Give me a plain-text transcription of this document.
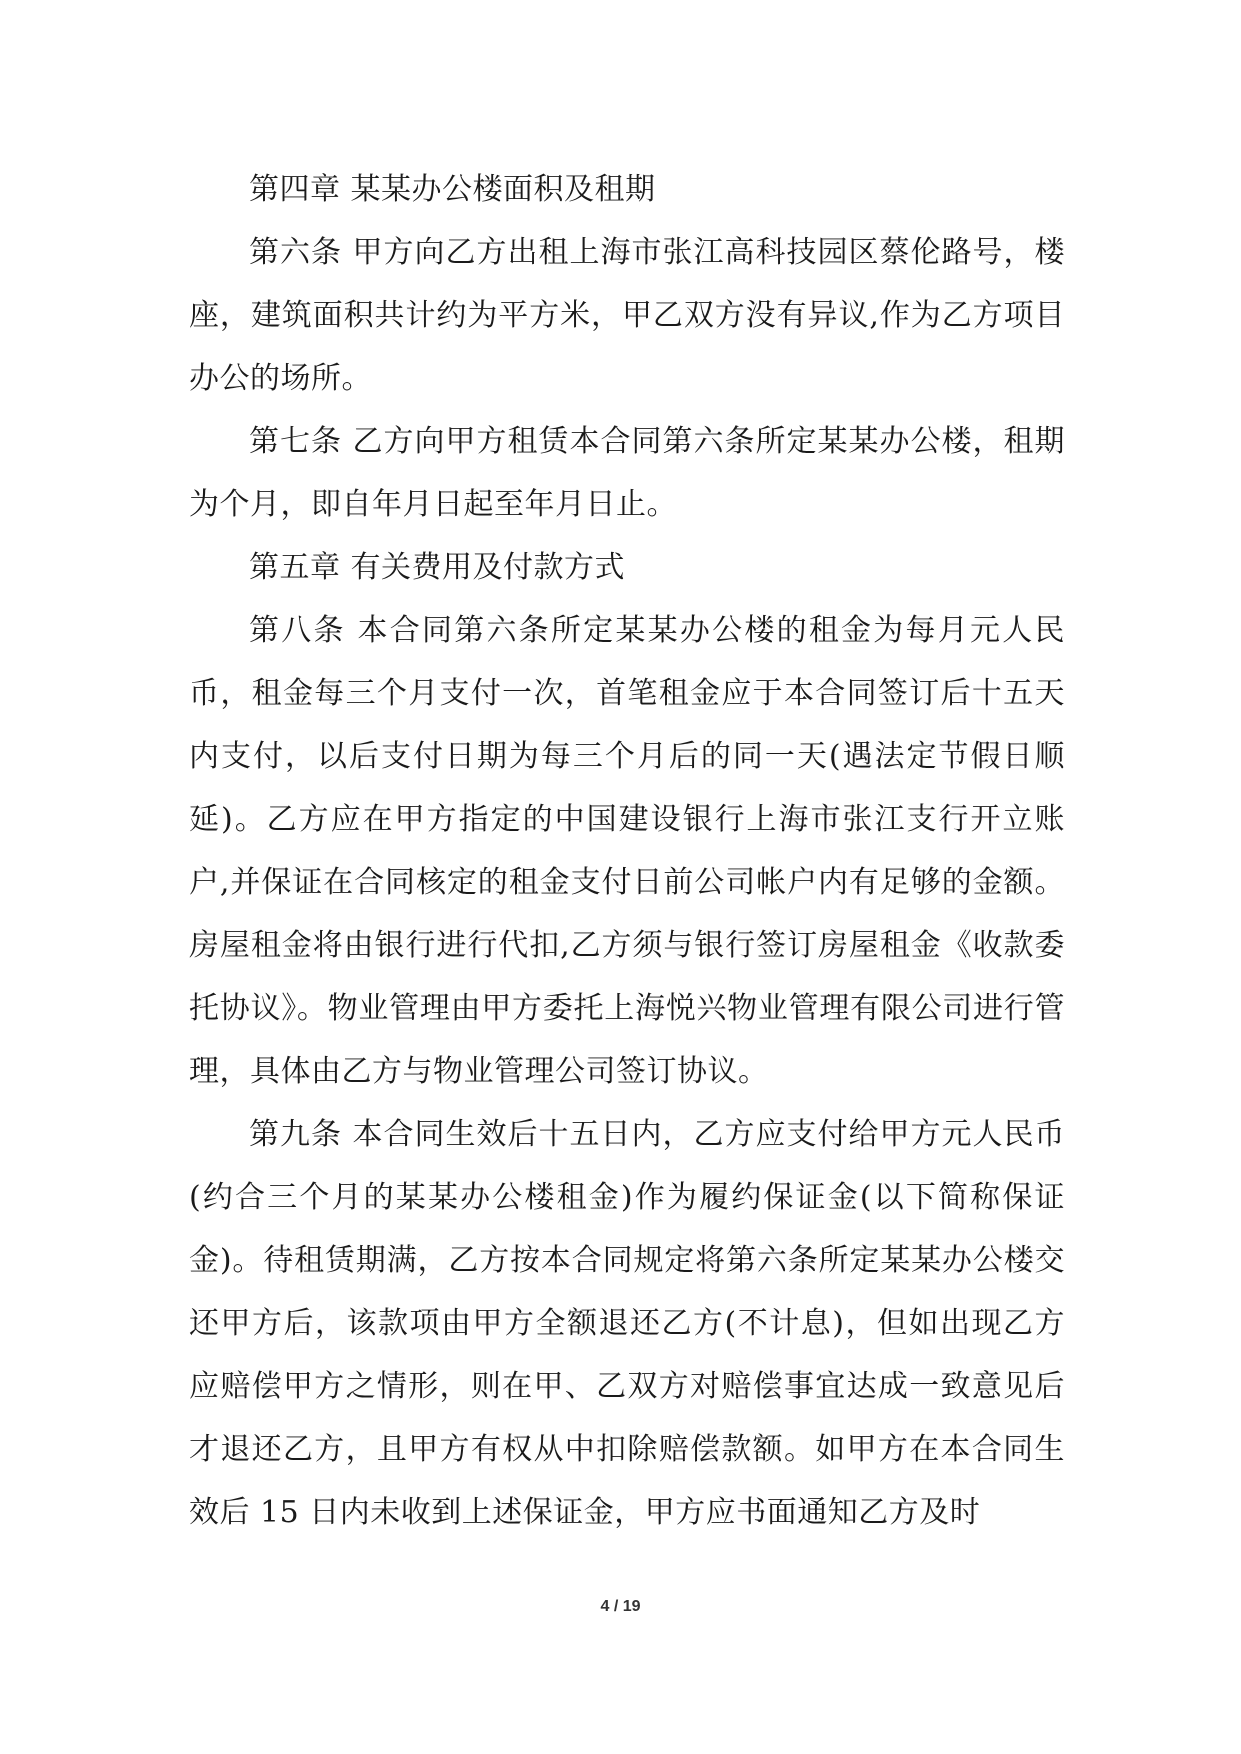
第四章 某某办公楼面积及租期

第六条 甲方向乙方出租上海市张江高科技园区蔡伦路号，楼座，建筑面积共计约为平方米，甲乙双方没有异议,作为乙方项目办公的场所。

第七条 乙方向甲方租赁本合同第六条所定某某办公楼，租期为个月，即自年月日起至年月日止。

第五章 有关费用及付款方式

第八条 本合同第六条所定某某办公楼的租金为每月元人民币，租金每三个月支付一次，首笔租金应于本合同签订后十五天内支付，以后支付日期为每三个月后的同一天(遇法定节假日顺延)。乙方应在甲方指定的中国建设银行上海市张江支行开立账户,并保证在合同核定的租金支付日前公司帐户内有足够的金额。房屋租金将由银行进行代扣,乙方须与银行签订房屋租金《收款委托协议》。物业管理由甲方委托上海悦兴物业管理有限公司进行管理，具体由乙方与物业管理公司签订协议。

第九条 本合同生效后十五日内，乙方应支付给甲方元人民币(约合三个月的某某办公楼租金)作为履约保证金(以下简称保证金)。待租赁期满，乙方按本合同规定将第六条所定某某办公楼交还甲方后，该款项由甲方全额退还乙方(不计息)，但如出现乙方应赔偿甲方之情形，则在甲、乙双方对赔偿事宜达成一致意见后才退还乙方，且甲方有权从中扣除赔偿款额。如甲方在本合同生效后 15 日内未收到上述保证金，甲方应书面通知乙方及时

4 / 19
